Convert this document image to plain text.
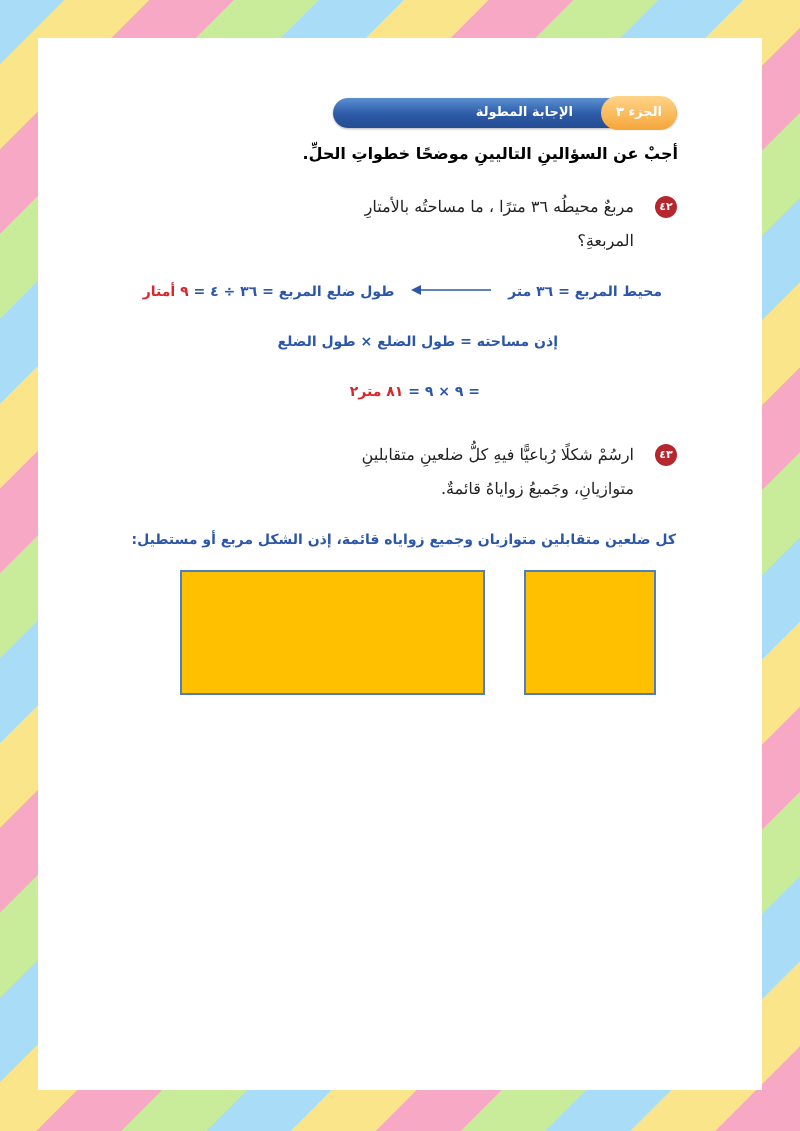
الجزء ٣
الإجابة المطولة
أجبْ عن السؤالينِ التاليينِ موضحًا خطواتِ الحلِّ.
٤٢
مربعٌ محيطُه ٣٦ مترًا ، ما مساحتُه بالأمتارِ
المربعةِ؟
محيط المربع = ٣٦ متر  طول ضلع المربع = ٣٦ ÷ ٤ = ٩ أمتار
إذن مساحته = طول الضلع × طول الضلع
= ٩ × ٩ = ٨١ متر٢
٤٣
ارسُمْ شكلًا رُباعيًّا فيهِ كلُّ ضلعينِ متقابلينِ
متوازيانِ، وجَميعُ زواياهُ قائمةٌ.
كل ضلعين متقابلين متوازيان وجميع زواياه قائمة، إذن الشكل مربع أو مستطيل:
